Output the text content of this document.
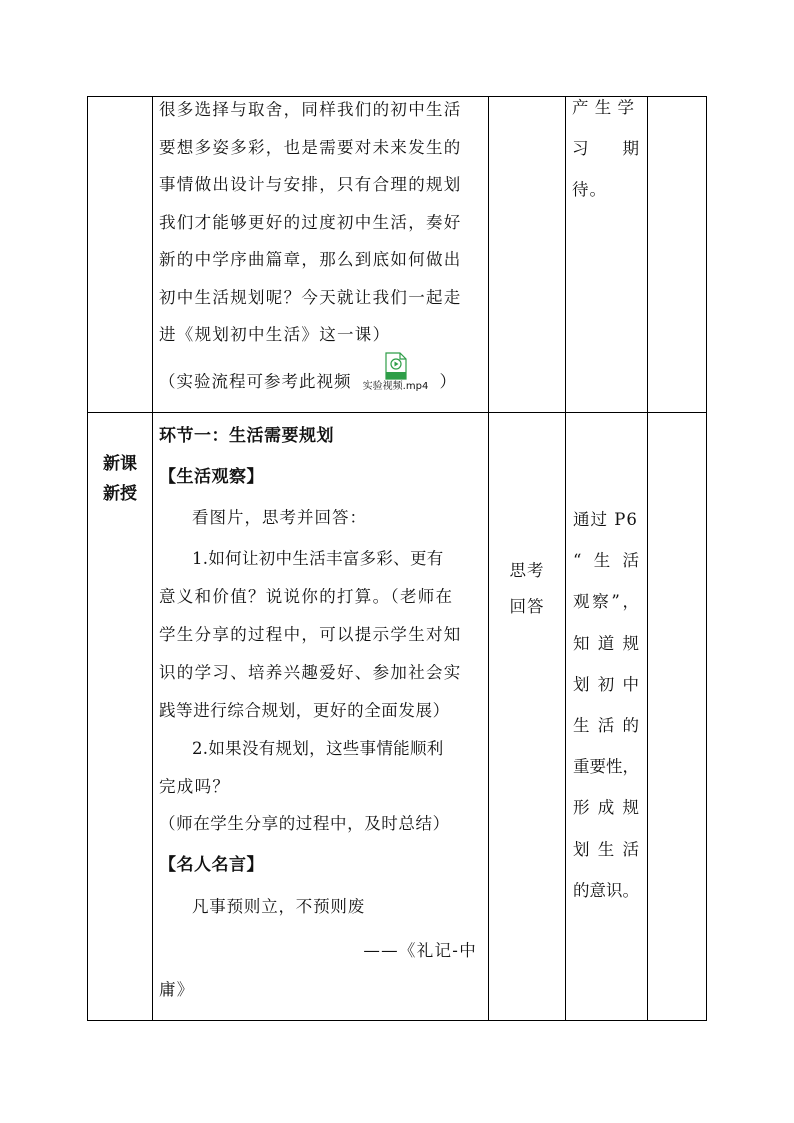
很多选择与取舍，同样我们的初中生活
要想多姿多彩，也是需要对未来发生的
事情做出设计与安排，只有合理的规划
我们才能够更好的过度初中生活，奏好
新的中学序曲篇章，那么到底如何做出
初中生活规划呢？今天就让我们一起走
进《规划初中生活》这一课）
（实验流程可参考此视频	实验视频.mp4 ）
产生学
习期待。
新课
新授
环节一：生活需要规划
【生活观察】
看图片，思考并回答：
1.如何让初中生活丰富多彩、更有
意义和价值？说说你的打算。（老师在
学生分享的过程中，可以提示学生对知
识的学习、培养兴趣爱好、参加社会实
践等进行综合规划，更好的全面发展）
2.如果没有规划，这些事情能顺利
完成吗？
（师在学生分享的过程中，及时总结）
【名人名言】
凡事预则立，不预则废
——《礼记-中
庸》
思考
回答
通过 P6
“生活
观察”，
知道规
划初中
生活的
重要性，
形成规
划生活
的意识。
